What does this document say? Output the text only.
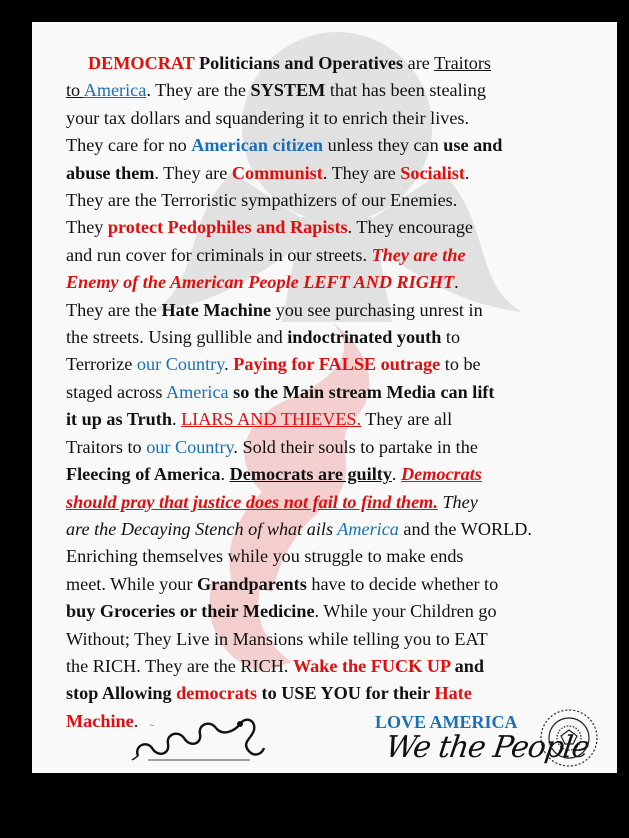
DEMOCRAT Politicians and Operatives are Traitors
to America. They are the SYSTEM that has been stealing
your tax dollars and squandering it to enrich their lives.
They care for no American citizen unless they can use and
abuse them. They are Communist. They are Socialist.
They are the Terroristic sympathizers of our Enemies.
They protect Pedophiles and Rapists. They encourage
and run cover for criminals in our streets. They are the
Enemy of the American People LEFT AND RIGHT.
They are the Hate Machine you see purchasing unrest in
the streets. Using gullible and indoctrinated youth to
Terrorize our Country. Paying for FALSE outrage to be
staged across America so the Main stream Media can lift
it up as Truth. LIARS AND THIEVES. They are all
Traitors to our Country. Sold their souls to partake in the
Fleecing of America. Democrats are guilty. Democrats
should pray that justice does not fail to find them. They
are the Decaying Stench of what ails America and the WORLD.
Enriching themselves while you struggle to make ends
meet. While your Grandparents have to decide whether to
buy Groceries or their Medicine. While your Children go
Without; They Live in Mansions while telling you to EAT
the RICH. They are the RICH. Wake the FUCK UP and
stop Allowing democrats to USE YOU for their Hate
Machine.	~	LOVE AMERICA
We the People
